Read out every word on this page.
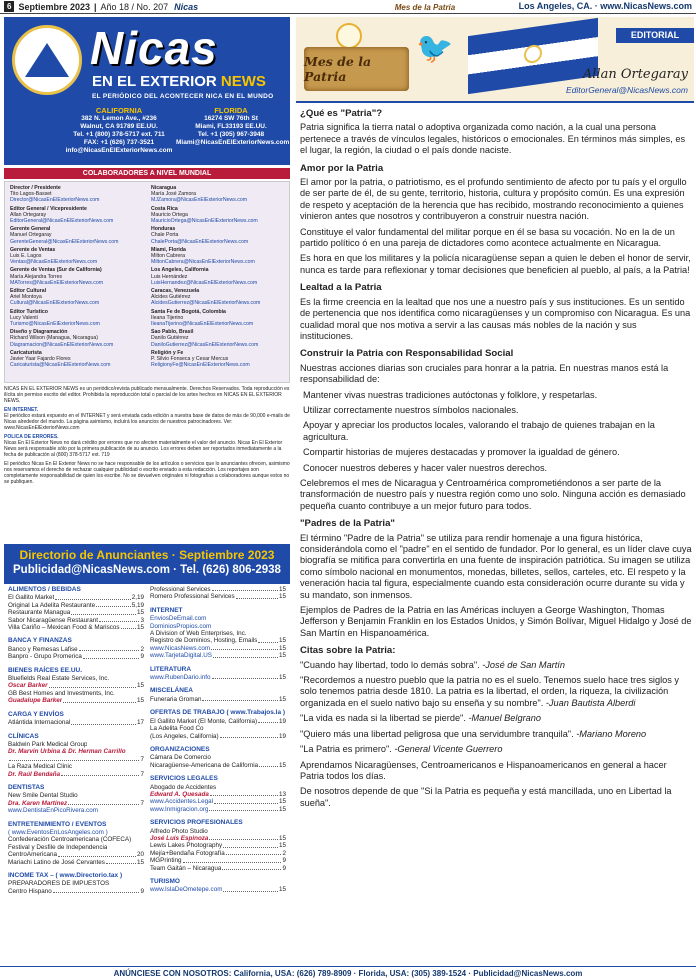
6 Septiembre 2023 | Año 18 / No. 207 Nicas	Mes de la Patria	Los Angeles, CA. · www.NicasNews.com
Nicas
EN EL EXTERIOR NEWS
EL PERIÓDICO DEL ACONTECER NICA EN EL MUNDO
CALIFORNIA
382 N. Lemon Ave., #236
Walnut, CA 91789 EE.UU.
Tel. +1 (800) 378-5717 ext. 711
FAX: +1 (626) 737-3521
info@NicasEnElExteriorNews.com
FLORIDA
16274 SW 76th St
Miami, FL33193 EE.UU.
Tel. +1 (305) 967-3948
Miami@NicasEnElExteriorNews.com
COLABORADORES A NIVEL MUNDIAL
Director / Presidente
Tito Lagos-Basset
Director@NicasEnElExteriorNews.com
Editor General / Vicepresidente
Allan Ortegaray
EditorGeneral@NicasEnElExteriorNews.com
Gerente General
Manuel Ortegaray
GerenteGeneral@NicasEnElExteriorNews.com
Gerente de Ventas
Luis E. Lagos
Ventas@NicasEnElExteriorNews.com
Gerente de Ventas (Sur de California)
María Alejandra Torres
MATorres@NicasEnElExteriorNews.com
Editor Cultural
Ariel Montoya
Cultural@NicasEnElExteriorNews.com
Editor Turístico
Lucy Valenti
Turismo@NicasEnElExteriorNews.com
Diseño y Diagramación
Richard Wilson (Managua, Nicaragua)
Diagramacion@NicasEnElExteriorNews.com
Caricaturista
Javier Yaar Fajardo Flores
Caricaturista@NicasEnElExteriorNews.com
Nicaragua
María José Zamora
MJZamora@NicasEnElExteriorNews.com
Costa Rica
Mauricio Ortega
MauricioOrtega@NicasEnElExteriorNews.com
Honduras
Chale Porta
ChalePorta@NicasEnElExteriorNews.com
Miami, Florida
Milton Cabrera
MiltonCabrera@NicasEnElExteriorNews.com
Los Angeles, California
Luis Hernández
LuisHernandez@NicasEnElExteriorNews.com
Caracas, Venezuela
Alcides Gutiérrez
AlcidesGutierrez@NicasEnElExteriorNews.com
Santa Fe de Bogotá, Colombia
Ileana Tijerino
IleanaTijerino@NicasEnElExteriorNews.com
Sao Pablo, Brasil
Danilo Gutiérrez
DaniloGutierrez@NicasEnElExteriorNews.com
Religión y Fe
P. Silvio Fonseca y Cesar Mercus
ReligionyFe@NicasEnElExteriorNews.com

NICAS EN EL EXTERIOR NEWS es un periódico/revista publicado mensualmente. Derechos Reservados. Toda reproducción es ilícita sin permiso escrito del editor. Prohibida la reproducción total o parcial de los artes hechos en NICAS EN EL EXTERIOR NEWS.

EN INTERNET.
El periódico estará expuesto en el INTERNET y será enviada cada edición a nuestra base de datos de más de 90,000 e-mails de Nicas alrededor del mundo. La página asimismo, incluirá los anuncios de nuestros patrocinadores. Ver: www.NicasEnElExteriorNews.com

POLICA DE ERRORES.
Nicas En El Exterior News no dará crédito por errores que no afecten materialmente el valor del anuncio. Nicas En El Exterior News será responsable sólo por la primera publicación de su anuncio. Los errores deben ser reportados inmediatamente a la fecha de publicación al (800) 378-5717 ext. 719

El periódico Nicas En El Exterior News no se hace responsable de los artículos o servicios que lo anunciantes ofrecen, asimismo nos reservamos el derecho de rechazar cualquier publicidad o escrito enviado a esta redacción. Los reportajes son completamente responsabilidad de quien los escribe. No se devuelven originales ni fotografías a colaboradores aunque estos no se publiquen.

Directorio de Anunciantes · Septiembre 2023
Publicidad@NicasNews.com · Tel. (626) 806-2938
ALIMENTOS / BEBIDAS
El Gallito Market	2,19
Original La Adelita Restaurante	5,19
Restaurante Managua	15
Sabor Nicaragüense Restaurant	3
Villa Cariño – Mexican Food & Mariscos	15
BANCA Y FINANZAS
Banco y Remesas Lafise	2
Banpro - Grupo Promerica	9
BIENES RAÍCES EE.UU.
Bluefields Real Estate Services, Inc.
Oscar Barker	15
GB Best Homes and Investments, Inc.
Guadalupe Barker	15
CARGA Y ENVÍOS
Atlántida Internacional	17
CLÍNICAS
Baldwin Park Medical Group
Dr. Marvin Urbina & Dr. Herman Carrillo
7
La Raza Medical Clinic
Dr. Raúl Bendaña	7
DENTISTAS
New Smile Dental Studio
Dra. Karen Martínez	7
www.DentistaEnPicoRivera.com
ENTRETENIMIENTO / EVENTOS
( www.EventosEnLosAngeles.com )
Confederación Centroamericana (COFECA)
Festival y Desfile de Independencia
CentroAmericana	20
Mariachi Latino de José Cervantes	15
INCOME TAX – ( www.Directorio.tax )
PREPARADORES DE IMPUESTOS
Centro Hispano	9
Professional Services	15
Romero Professional Services	15
INTERNET
EnviosDeEmail.com
DominiosPropios.com
A Division of Web Enterprises, Inc.
Registro de Dominios, Hosting, Emails	15
www.NicasNews.com	15
www.TarjetaDigital.US	15
LITERATURA
www.RubenDario.info	15
MISCELÁNEA
Funeraria Groman	15
OFERTAS DE TRABAJO ( www.Trabajos.la )
El Gallito Market (El Monte, California)	19
La Adelita Food Co
(Los Angeles, California)	19
ORGANIZACIONES
Cámara De Comercio
Nicaragüense-Americana de California	15
SERVICIOS LEGALES
Abogado de Accidentes
Edward A. Quesada	13
www.Accidentes.Legal	15
www.Inmigracion.org	15
SERVICIOS PROFESIONALES
Alfredo Photo Studio
José Luis Espinoza	15
Lewis Lakes Photography	15
Mejía+Bendaña Fotografía	2
MGPrinting	9
Team Gaitán – Nicaragua	9
TURISMO
www.IslaDeOmetepe.com	15
Mes de la Patria
🐦	EDITORIAL
Allan Ortegaray
EditorGeneral@NicasNews.com
¿Qué es "Patria"?

Patria significa la tierra natal o adoptiva organizada como nación, a la cual una persona pertenece a través de vínculos legales, históricos o emocionales. En términos más simples, es el lugar, la región, la ciudad o el país donde naciste.

Amor por la Patria

El amor por la patria, o patriotismo, es el profundo sentimiento de afecto por tu país y el orgullo de ser parte de él, de su gente, territorio, historia, cultura y propósito común. Es una expresión de respeto y aceptación de la herencia que has recibido, mostrando reconocimiento a quienes vinieron antes que nosotros y contribuyeron a construir nuestra nación.

Constituye el valor fundamental del militar porque en él se basa su vocación. No en la de un partido político ó en una pareja de dictadores como acontece actualmente en Nicaragua.

Es hora en que los militares y la policía nicaragüense sepan a quien le deben el honor de servir, nunca es tarde para reflexionar y tomar decisiones que beneficien al pueblo, al país, a la Patria!

Lealtad a la Patria

Es la firme creencia en la lealtad que nos une a nuestro país y sus instituciones. Es un sentido de pertenencia que nos identifica como nicaragüenses y un compromiso con Nicaragua. Es una cualidad moral que nos motiva a servir a las causas más nobles de la nación y sus instituciones.

Construir la Patria con Responsabilidad Social

Nuestras acciones diarias son cruciales para honrar a la patria. En nuestras manos está la responsabilidad de:

Mantener vivas nuestras tradiciones autóctonas y folklore, y respetarlas.

Utilizar correctamente nuestros símbolos nacionales.

Apoyar y apreciar los productos locales, valorando el trabajo de quienes trabajan en la agricultura.

Compartir historias de mujeres destacadas y promover la igualdad de género.

Conocer nuestros deberes y hacer valer nuestros derechos.

Celebremos el mes de Nicaragua y Centroamérica comprometiéndonos a ser parte de la transformación de nuestro país y nuestra región como uno solo. Ninguna acción es demasiado pequeña cuanto contribuye a un mejor futuro para todos.

"Padres de la Patria"

El término "Padre de la Patria" se utiliza para rendir homenaje a una figura histórica, considerándola como el "padre" en el sentido de fundador. Por lo general, es un líder clave cuya biografía se mitifica para convertirla en una fuente de inspiración patriótica. Su imagen se utiliza como símbolo nacional en monumentos, monedas, billetes, sellos, carteles, etc. El respeto y la veneración hacia tal figura, especialmente cuando esta consideración ocurre durante su vida y su mandato, son inmensos.

Ejemplos de Padres de la Patria en las Américas incluyen a George Washington, Thomas Jefferson y Benjamin Franklin en los Estados Unidos, y Simón Bolívar, Miguel Hidalgo y José de San Martín en Hispanoamérica.

Citas sobre la Patria:

"Cuando hay libertad, todo lo demás sobra". -José de San Martín

"Recordemos a nuestro pueblo que la patria no es el suelo. Tenemos suelo hace tres siglos y solo tenemos patria desde 1810. La patria es la libertad, el orden, la riqueza, la civilización organizada en el suelo nativo bajo su enseña y su nombre". -Juan Bautista Alberdi

"La vida es nada si la libertad se pierde". -Manuel Belgrano

"Quiero más una libertad peligrosa que una servidumbre tranquila". -Mariano Moreno

"La Patria es primero". -General Vicente Guerrero

Aprendamos Nicaragüenses, Centroamericanos e Hispanoamericanos en general a hacer Patria todos los días.

De nosotros depende de que "Si la Patria es pequeña y está mancillada, uno en Libertad la sueña".

ANÚNCIESE CON NOSOTROS: California, USA: (626) 789-8909 · Florida, USA: (305) 389-1524 · Publicidad@NicasNews.com
